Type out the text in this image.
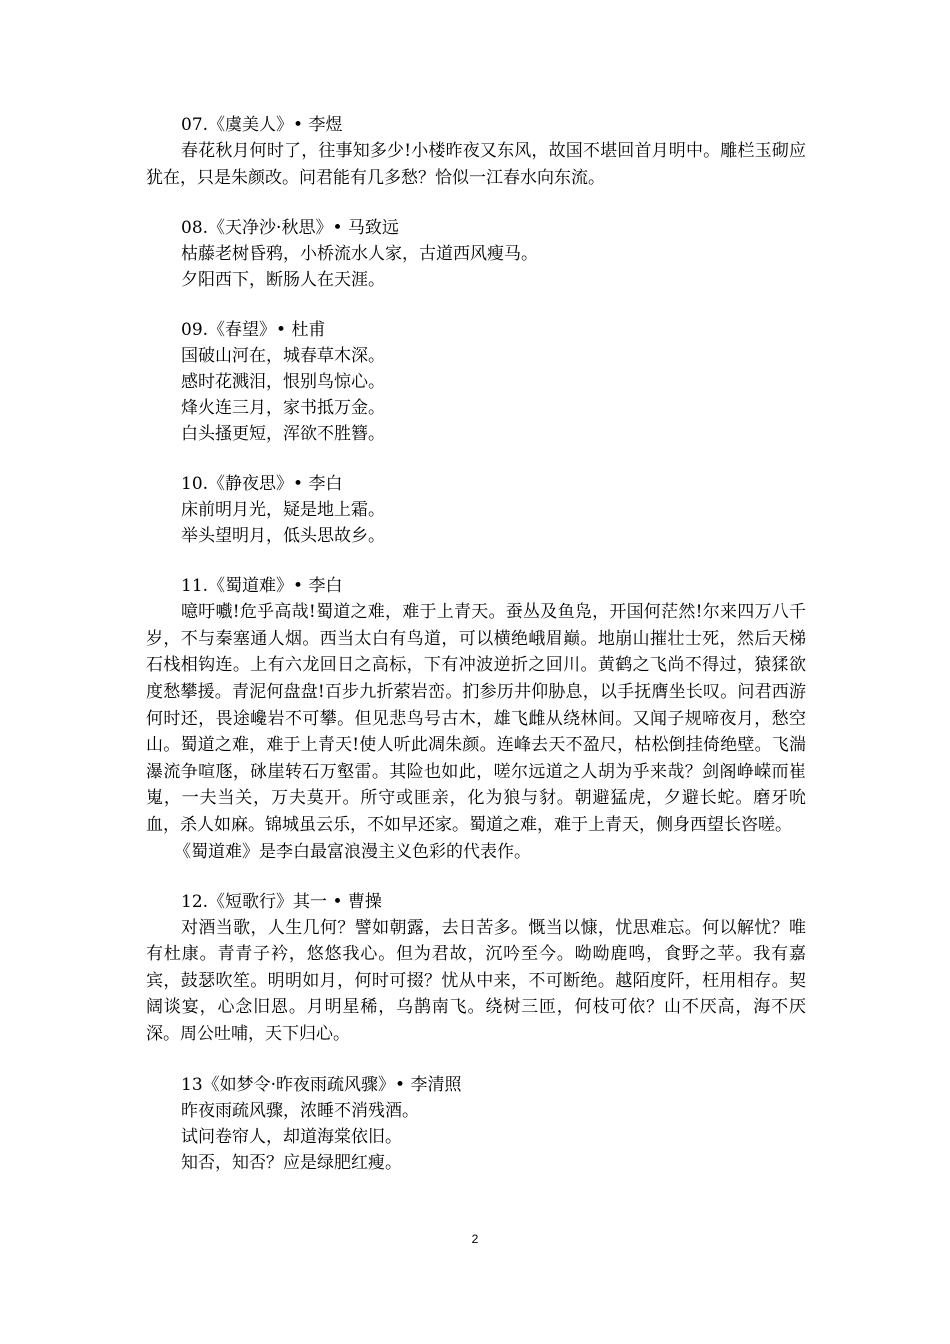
07.《虞美人》• 李煜

春花秋月何时了，往事知多少!小楼昨夜又东风，故国不堪回首月明中。雕栏玉砌应犹在，只是朱颜改。问君能有几多愁？恰似一江春水向东流。

08.《天净沙·秋思》• 马致远
枯藤老树昏鸦，小桥流水人家，古道西风瘦马。
夕阳西下，断肠人在天涯。
09.《春望》• 杜甫
国破山河在，城春草木深。
感时花溅泪，恨别鸟惊心。
烽火连三月，家书抵万金。
白头搔更短，浑欲不胜簪。
10.《静夜思》• 李白
床前明月光，疑是地上霜。
举头望明月，低头思故乡。
11.《蜀道难》• 李白

噫吁嚱!危乎高哉!蜀道之难，难于上青天。蚕丛及鱼凫，开国何茫然!尔来四万八千岁，不与秦塞通人烟。西当太白有鸟道，可以横绝峨眉巅。地崩山摧壮士死，然后天梯石栈相钩连。上有六龙回日之高标，下有冲波逆折之回川。黄鹤之飞尚不得过，猿猱欲度愁攀援。青泥何盘盘!百步九折萦岩峦。扪参历井仰胁息，以手抚膺坐长叹。问君西游何时还，畏途巉岩不可攀。但见悲鸟号古木，雄飞雌从绕林间。又闻子规啼夜月，愁空山。蜀道之难，难于上青天!使人听此凋朱颜。连峰去天不盈尺，枯松倒挂倚绝壁。飞湍瀑流争喧豗，砯崖转石万壑雷。其险也如此，嗟尔远道之人胡为乎来哉？剑阁峥嵘而崔嵬，一夫当关，万夫莫开。所守或匪亲，化为狼与豺。朝避猛虎，夕避长蛇。磨牙吮血，杀人如麻。锦城虽云乐，不如早还家。蜀道之难，难于上青天，侧身西望长咨嗟。

《蜀道难》是李白最富浪漫主义色彩的代表作。
12.《短歌行》其一 • 曹操

对酒当歌，人生几何？譬如朝露，去日苦多。慨当以慷，忧思难忘。何以解忧？唯有杜康。青青子衿，悠悠我心。但为君故，沉吟至今。呦呦鹿鸣，食野之苹。我有嘉宾，鼓瑟吹笙。明明如月，何时可掇？忧从中来，不可断绝。越陌度阡，枉用相存。契阔谈宴，心念旧恩。月明星稀，乌鹊南飞。绕树三匝，何枝可依？山不厌高，海不厌深。周公吐哺，天下归心。

13《如梦令·昨夜雨疏风骤》• 李清照
昨夜雨疏风骤，浓睡不消残酒。
试问卷帘人，却道海棠依旧。
知否，知否？应是绿肥红瘦。
2
